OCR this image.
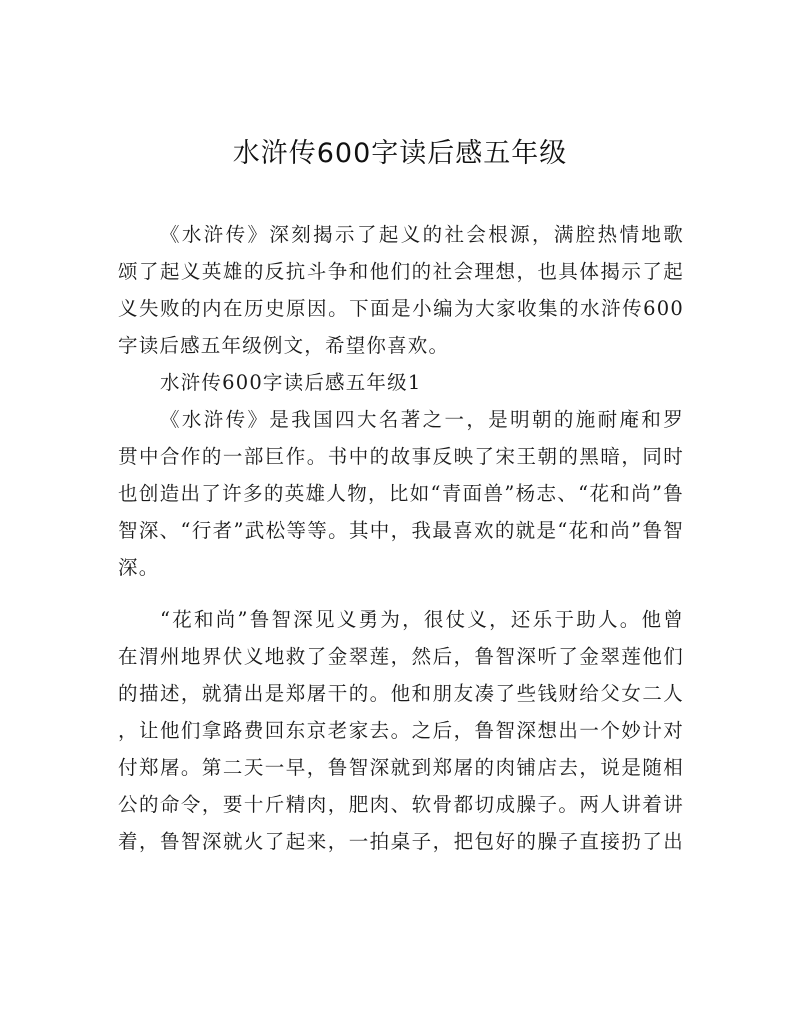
水浒传600字读后感五年级
《水浒传》深刻揭示了起义的社会根源，满腔热情地歌
颂了起义英雄的反抗斗争和他们的社会理想，也具体揭示了起
义失败的内在历史原因。下面是小编为大家收集的水浒传600
字读后感五年级例文，希望你喜欢。
水浒传600字读后感五年级1
《水浒传》是我国四大名著之一，是明朝的施耐庵和罗
贯中合作的一部巨作。书中的故事反映了宋王朝的黑暗，同时
也创造出了许多的英雄人物，比如“青面兽”杨志、“花和尚”鲁
智深、“行者”武松等等。其中，我最喜欢的就是“花和尚”鲁智
深。
“花和尚”鲁智深见义勇为，很仗义，还乐于助人。他曾
在渭州地界伏义地救了金翠莲，然后，鲁智深听了金翠莲他们
的描述，就猜出是郑屠干的。他和朋友凑了些钱财给父女二人
，让他们拿路费回东京老家去。之后，鲁智深想出一个妙计对
付郑屠。第二天一早，鲁智深就到郑屠的肉铺店去，说是随相
公的命令，要十斤精肉，肥肉、软骨都切成臊子。两人讲着讲
着，鲁智深就火了起来，一拍桌子，把包好的臊子直接扔了出
